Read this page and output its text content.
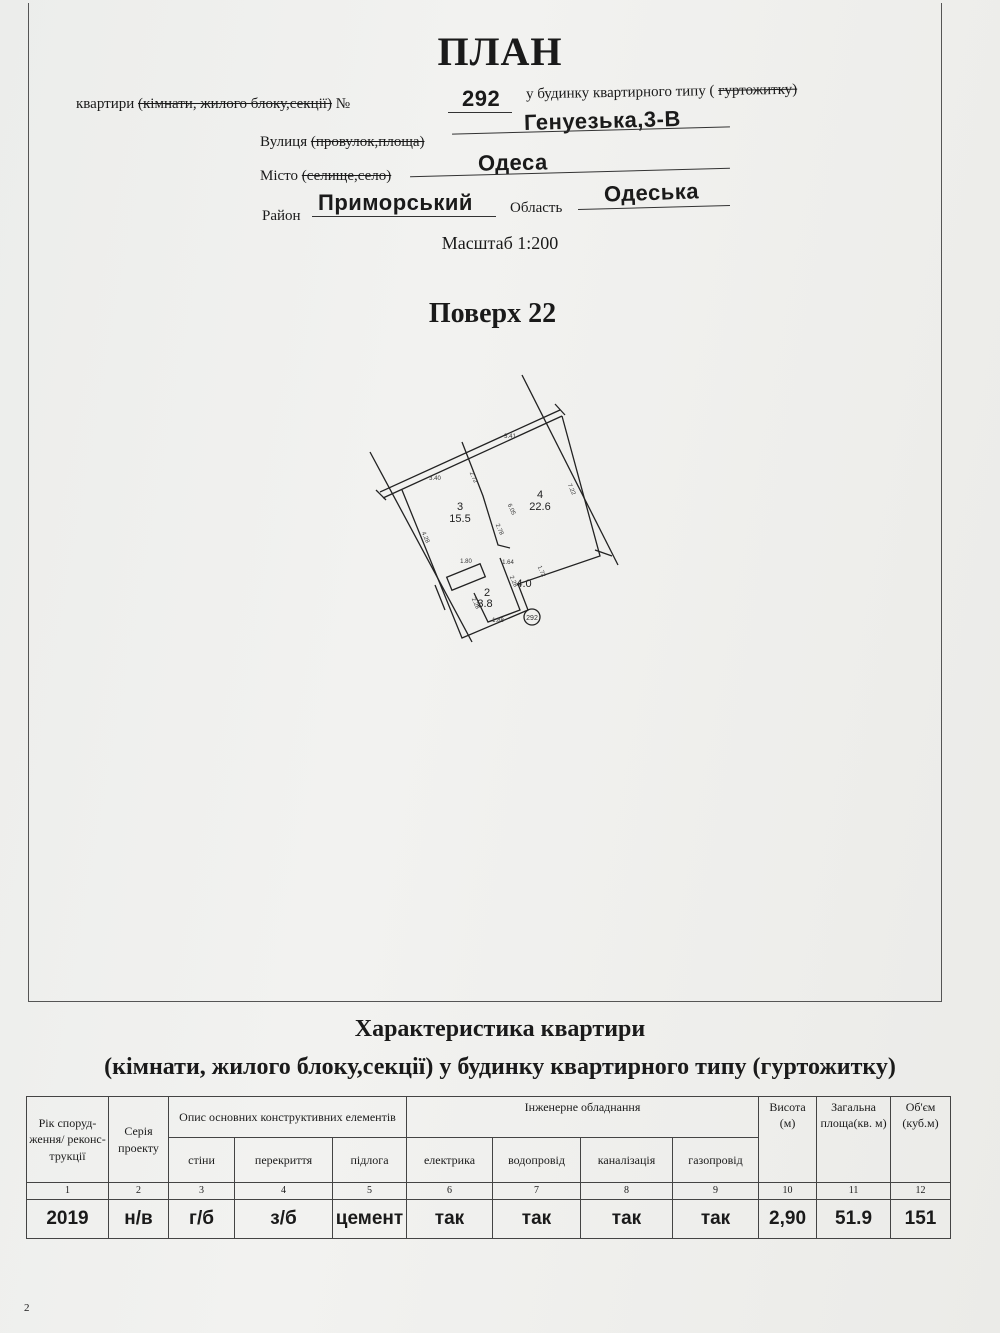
ПЛАН
квартири (кімнати, жилого блоку,секції) №	292 у будинку квартирного типу ( гуртожитку)
Вулиця (провулок,площа)
Генуезька,3-В
Місто (селище,село)
Одеса
Район
Приморський Область
Одеська
Масштаб 1:200
Поверх 22
3
15.5
4
22.6
2
3.8
4.0
3.40
3.41
7.22
2.72
4.28
6.05
2.78
1.64
1.80
2.28
1.88
2.28
1.72
292
Характеристика квартири
(кімнати, жилого блоку,секції) у будинку квартирного типу (гуртожитку)
Рік споруд-ження/ реконс-трукції	Серія проекту	Опис основних конструктивних елементів			Інженерне обладнання				Висота (м)	Загальна площа(кв. м)	Об'єм (куб.м)
		стіни	перекриття	підлога	електрика	водопровід	каналізація	газопровід			
1	2	3	4	5	6	7	8	9	10	11	12
2019	н/в	г/б	з/б	цемент	так	так	так	так	2,90	51.9	151
2
